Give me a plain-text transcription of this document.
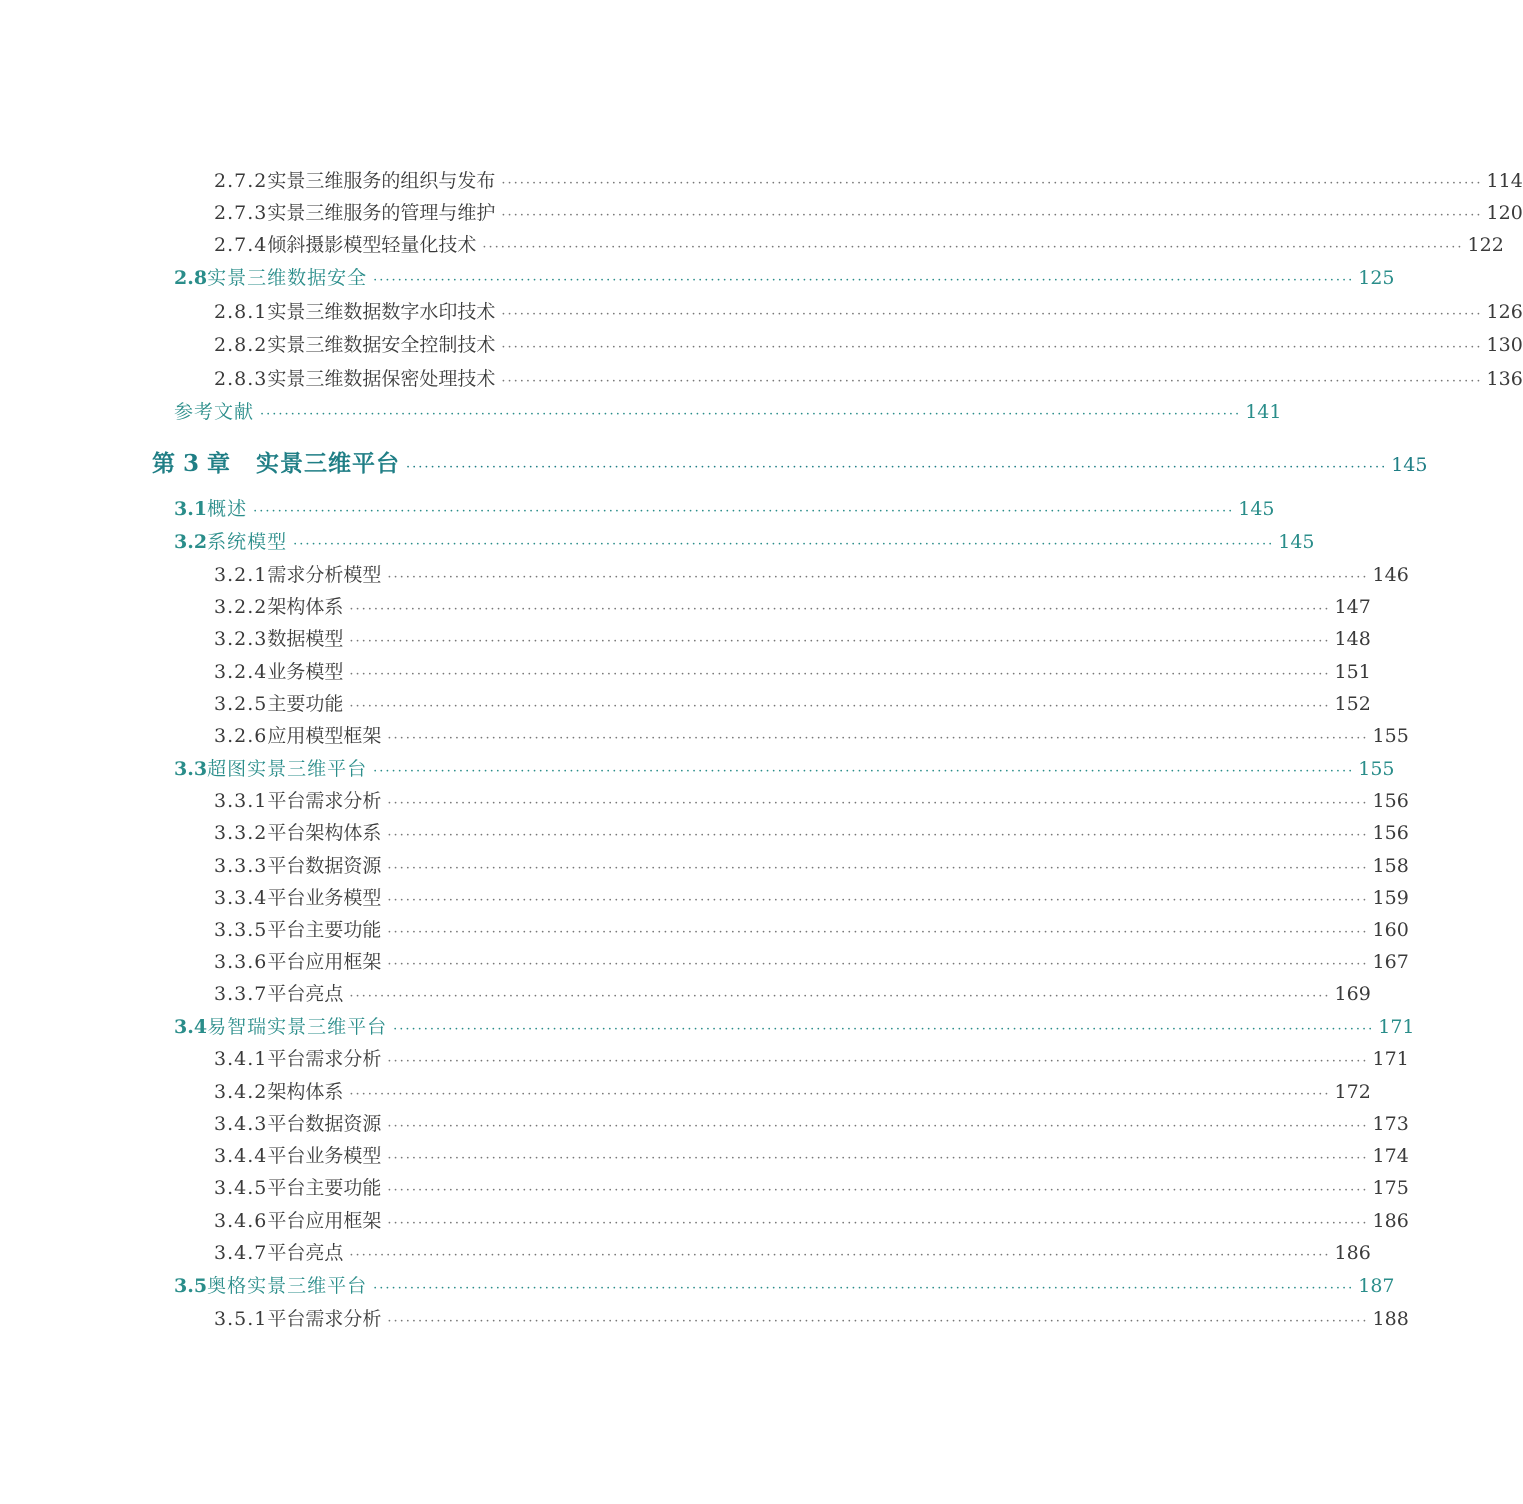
2.7.2 实景三维服务的组织与发布 ································································································································································ 114
2.7.3 实景三维服务的管理与维护 ································································································································································ 120
2.7.4 倾斜摄影模型轻量化技术 ································································································································································ 122
2.8 实景三维数据安全 ································································································································································ 125
2.8.1 实景三维数据数字水印技术 ································································································································································ 126
2.8.2 实景三维数据安全控制技术 ································································································································································ 130
2.8.3 实景三维数据保密处理技术 ································································································································································ 136
参考文献 ································································································································································ 141
第 3 章 实景三维平台 ································································································································································ 145
3.1 概述 ································································································································································ 145
3.2 系统模型 ································································································································································ 145
3.2.1 需求分析模型 ································································································································································ 146
3.2.2 架构体系 ································································································································································ 147
3.2.3 数据模型 ································································································································································ 148
3.2.4 业务模型 ································································································································································ 151
3.2.5 主要功能 ································································································································································ 152
3.2.6 应用模型框架 ································································································································································ 155
3.3 超图实景三维平台 ································································································································································ 155
3.3.1 平台需求分析 ································································································································································ 156
3.3.2 平台架构体系 ································································································································································ 156
3.3.3 平台数据资源 ································································································································································ 158
3.3.4 平台业务模型 ································································································································································ 159
3.3.5 平台主要功能 ································································································································································ 160
3.3.6 平台应用框架 ································································································································································ 167
3.3.7 平台亮点 ································································································································································ 169
3.4 易智瑞实景三维平台 ································································································································································ 171
3.4.1 平台需求分析 ································································································································································ 171
3.4.2 架构体系 ································································································································································ 172
3.4.3 平台数据资源 ································································································································································ 173
3.4.4 平台业务模型 ································································································································································ 174
3.4.5 平台主要功能 ································································································································································ 175
3.4.6 平台应用框架 ································································································································································ 186
3.4.7 平台亮点 ································································································································································ 186
3.5 奥格实景三维平台 ································································································································································ 187
3.5.1 平台需求分析 ································································································································································ 188
